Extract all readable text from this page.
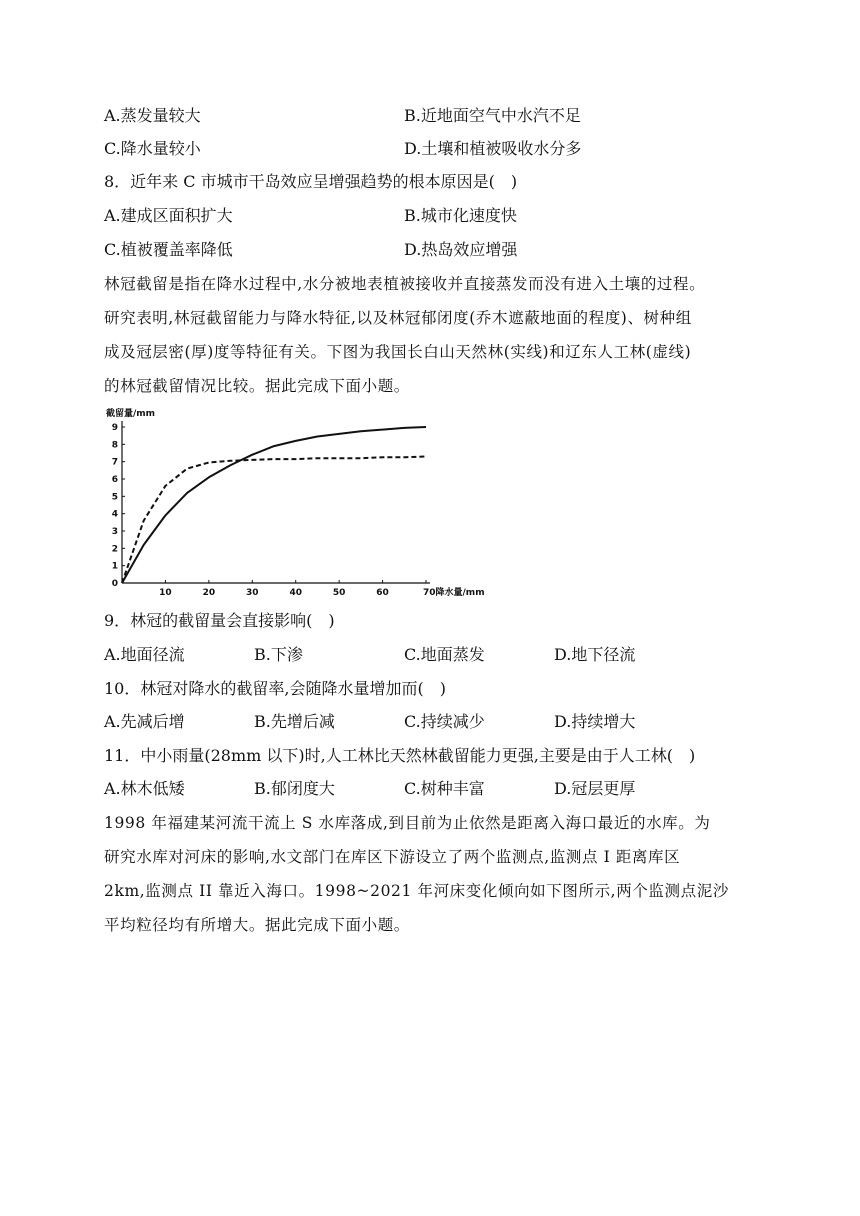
A.蒸发量较大	B.近地面空气中水汽不足
C.降水量较小	D.土壤和植被吸收水分多
8．近年来 C 市城市干岛效应呈增强趋势的根本原因是(　)
A.建成区面积扩大	B.城市化速度快
C.植被覆盖率降低	D.热岛效应增强
林冠截留是指在降水过程中,水分被地表植被接收并直接蒸发而没有进入土壤的过程。
研究表明,林冠截留能力与降水特征,以及林冠郁闭度(乔木遮蔽地面的程度)、树种组
成及冠层密(厚)度等特征有关。下图为我国长白山天然林(实线)和辽东人工林(虚线)
的林冠截留情况比较。据此完成下面小题。
截留量/mm
0
1
2
3
4
5
6
7
8
9
10	20	30	40	50	60	70降水量/mm
9．林冠的截留量会直接影响(　)
A.地面径流	B.下渗	C.地面蒸发	D.地下径流
10．林冠对降水的截留率,会随降水量增加而(　)
A.先减后增	B.先增后减	C.持续减少	D.持续增大
11．中小雨量(28mm 以下)时,人工林比天然林截留能力更强,主要是由于人工林(　)
A.林木低矮	B.郁闭度大	C.树种丰富	D.冠层更厚
1998 年福建某河流干流上 S 水库落成,到目前为止依然是距离入海口最近的水库。为
研究水库对河床的影响,水文部门在库区下游设立了两个监测点,监测点 I 距离库区
2km,监测点 II 靠近入海口。1998~2021 年河床变化倾向如下图所示,两个监测点泥沙
平均粒径均有所增大。据此完成下面小题。
